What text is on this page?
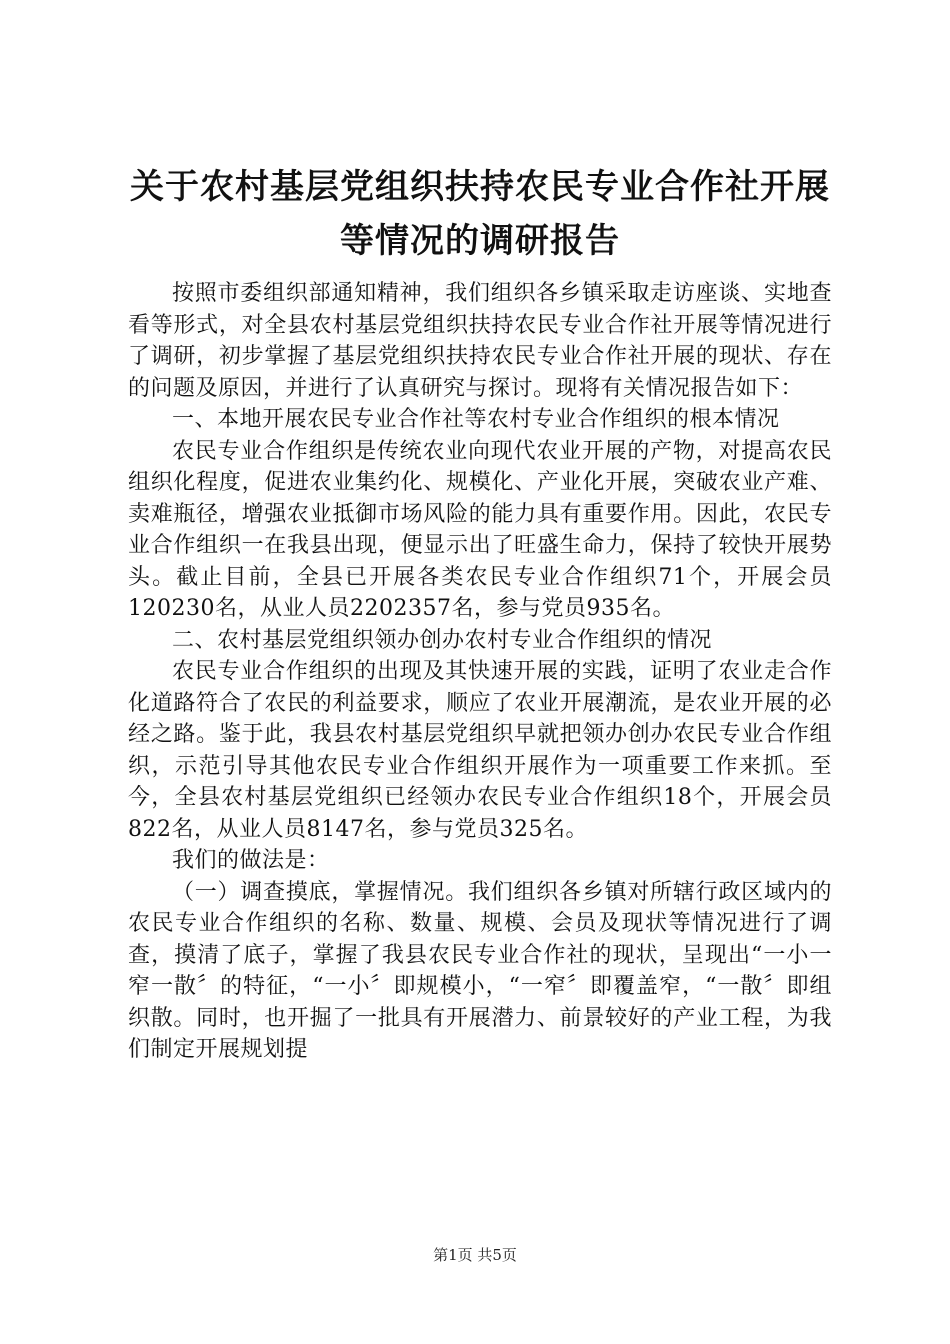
关于农村基层党组织扶持农民专业合作社开展
等情况的调研报告

按照市委组织部通知精神，我们组织各乡镇采取走访座谈、实地查看等形式，对全县农村基层党组织扶持农民专业合作社开展等情况进行了调研，初步掌握了基层党组织扶持农民专业合作社开展的现状、存在的问题及原因，并进行了认真研究与探讨。现将有关情况报告如下：

一、本地开展农民专业合作社等农村专业合作组织的根本情况

农民专业合作组织是传统农业向现代农业开展的产物，对提高农民组织化程度，促进农业集约化、规模化、产业化开展，突破农业产难、卖难瓶径，增强农业抵御市场风险的能力具有重要作用。因此，农民专业合作组织一在我县出现，便显示出了旺盛生命力，保持了较快开展势头。截止目前，全县已开展各类农民专业合作组织71个，开展会员120230名，从业人员2202357名，参与党员935名。

二、农村基层党组织领办创办农村专业合作组织的情况

农民专业合作组织的出现及其快速开展的实践，证明了农业走合作化道路符合了农民的利益要求，顺应了农业开展潮流，是农业开展的必经之路。鉴于此，我县农村基层党组织早就把领办创办农民专业合作组织，示范引导其他农民专业合作组织开展作为一项重要工作来抓。至今，全县农村基层党组织已经领办农民专业合作组织18个，开展会员822名，从业人员8147名，参与党员325名。

我们的做法是：

（一）调查摸底，掌握情况。我们组织各乡镇对所辖行政区域内的农民专业合作组织的名称、数量、规模、会员及现状等情况进行了调查，摸清了底子，掌握了我县农民专业合作社的现状，呈现出“一小一窄一散〞的特征，“一小〞即规模小，“一窄〞即覆盖窄，“一散〞即组织散。同时，也开掘了一批具有开展潜力、前景较好的产业工程，为我们制定开展规划提

第1页 共5页
